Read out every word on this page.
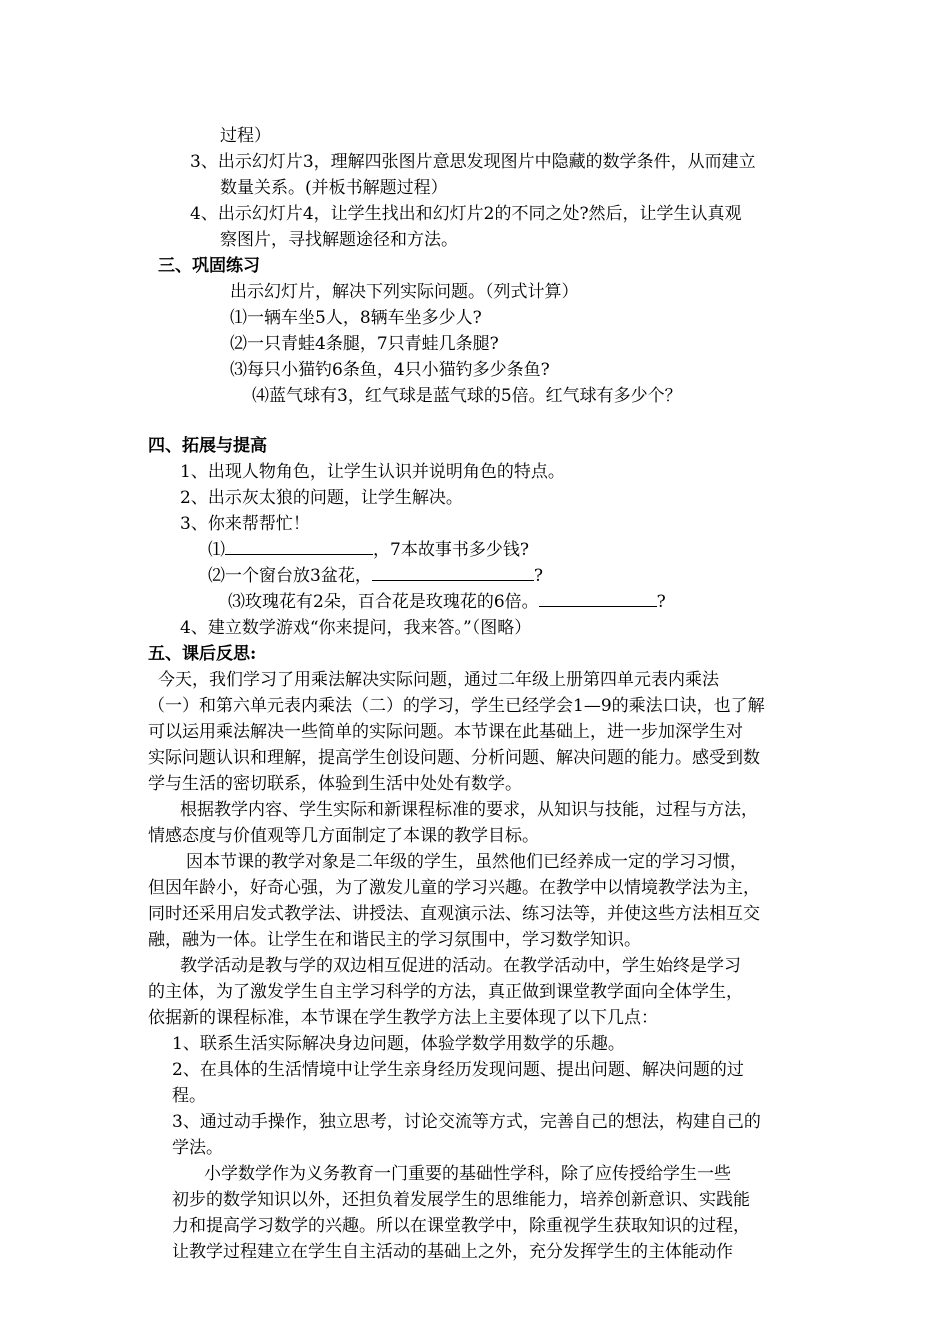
过程）
3、出示幻灯片3，理解四张图片意思发现图片中隐藏的数学条件，从而建立
数量关系。(并板书解题过程）
4、出示幻灯片4，让学生找出和幻灯片2的不同之处?然后，让学生认真观
察图片，寻找解题途径和方法。
三、巩固练习
出示幻灯片，解决下列实际问题。（列式计算）
⑴一辆车坐5人，8辆车坐多少人?
⑵一只青蛙4条腿，7只青蛙几条腿?
⑶每只小猫钓6条鱼，4只小猫钓多少条鱼?
⑷蓝气球有3，红气球是蓝气球的5倍。红气球有多少个？
四、拓展与提高
1、出现人物角色，让学生认识并说明角色的特点。
2、出示灰太狼的问题，让学生解决。
3、你来帮帮忙！
⑴	，7本故事书多少钱?
⑵一个窗台放3盆花，	?
⑶玫瑰花有2朵，百合花是玫瑰花的6倍。	?
4、建立数学游戏“你来提问，我来答。”（图略）
五、课后反思:
今天，我们学习了用乘法解决实际问题，通过二年级上册第四单元表内乘法
（一）和第六单元表内乘法（二）的学习，学生已经学会1—9的乘法口诀，也了解
可以运用乘法解决一些简单的实际问题。本节课在此基础上，进一步加深学生对
实际问题认识和理解，提高学生创设问题、分析问题、解决问题的能力。感受到数
学与生活的密切联系，体验到生活中处处有数学。
根据教学内容、学生实际和新课程标准的要求，从知识与技能，过程与方法，
情感态度与价值观等几方面制定了本课的教学目标。
因本节课的教学对象是二年级的学生，虽然他们已经养成一定的学习习惯，
但因年龄小，好奇心强，为了激发儿童的学习兴趣。在教学中以情境教学法为主，
同时还采用启发式教学法、讲授法、直观演示法、练习法等，并使这些方法相互交
融，融为一体。让学生在和谐民主的学习氛围中，学习数学知识。
教学活动是教与学的双边相互促进的活动。在教学活动中，学生始终是学习
的主体，为了激发学生自主学习科学的方法，真正做到课堂教学面向全体学生，
依据新的课程标准，本节课在学生教学方法上主要体现了以下几点：
1、联系生活实际解决身边问题，体验学数学用数学的乐趣。
2、在具体的生活情境中让学生亲身经历发现问题、提出问题、解决问题的过
程。
3、通过动手操作，独立思考，讨论交流等方式，完善自己的想法，构建自己的
学法。
小学数学作为义务教育一门重要的基础性学科，除了应传授给学生一些
初步的数学知识以外，还担负着发展学生的思维能力，培养创新意识、实践能
力和提高学习数学的兴趣。所以在课堂教学中，除重视学生获取知识的过程，
让教学过程建立在学生自主活动的基础上之外，充分发挥学生的主体能动作
